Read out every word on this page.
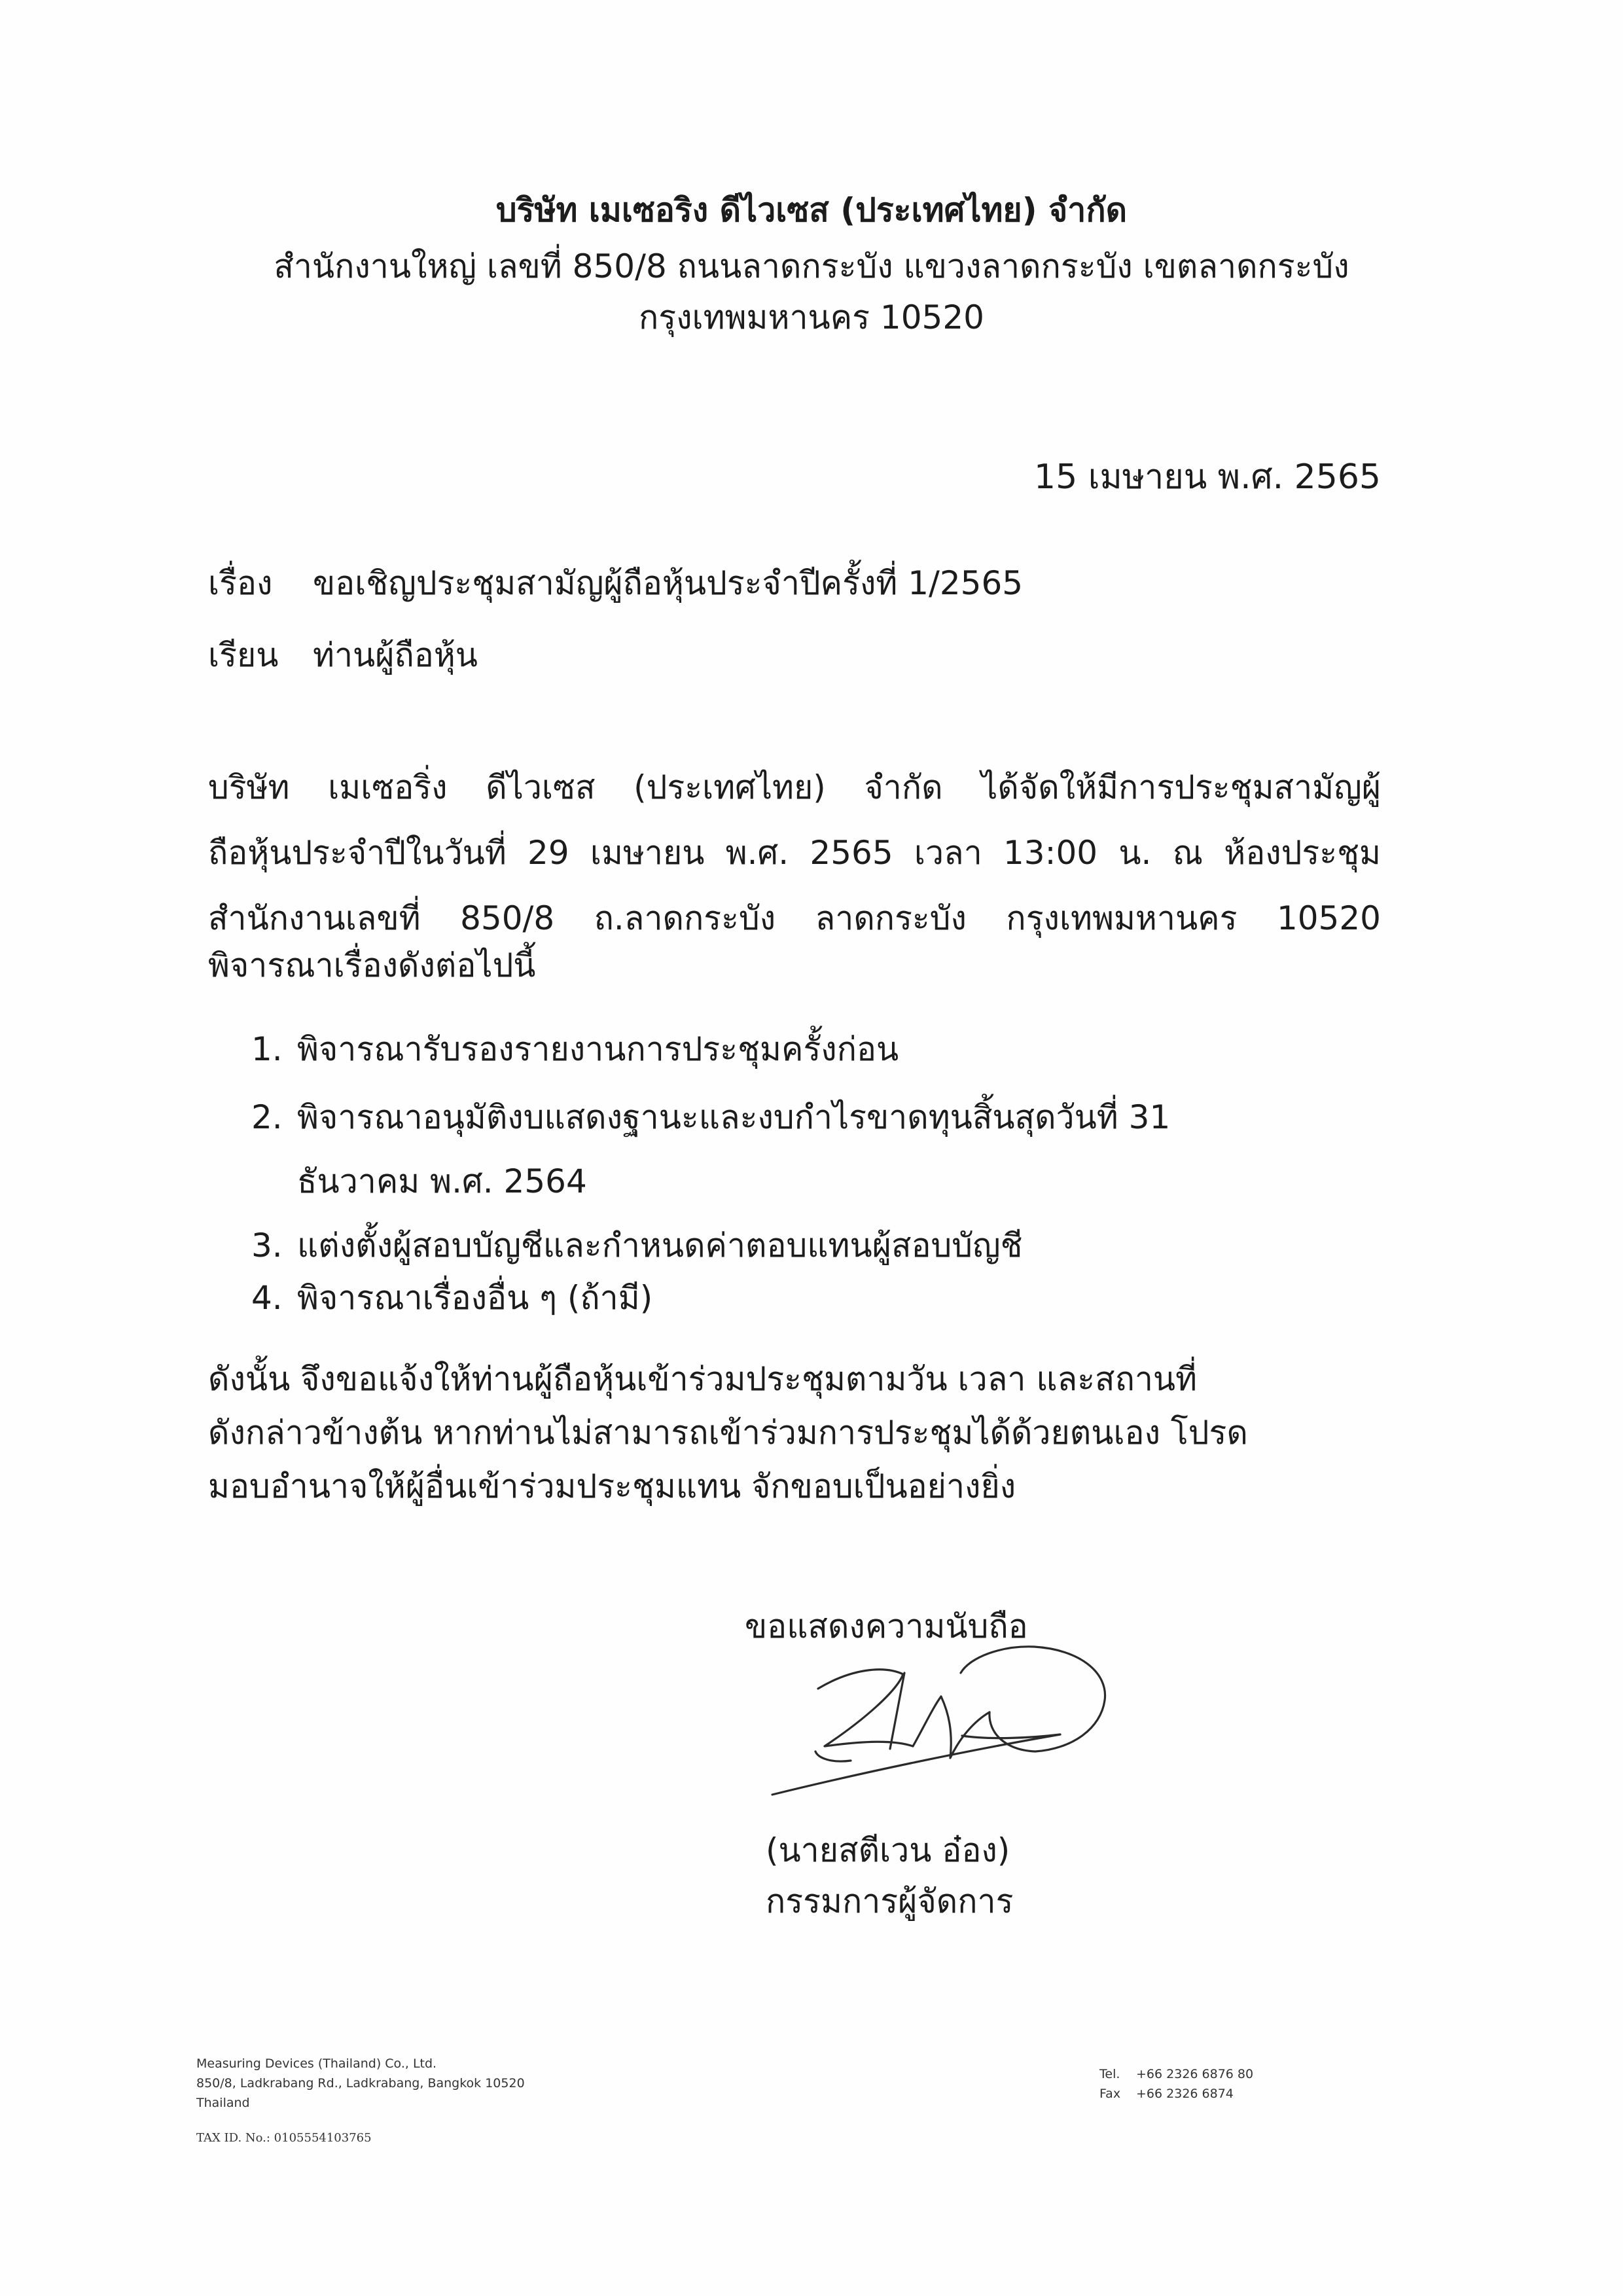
บริษัท เมเซอริง ดีไวเซส (ประเทศไทย) จำกัด
สำนักงานใหญ่ เลขที่ 850/8 ถนนลาดกระบัง แขวงลาดกระบัง เขตลาดกระบัง
กรุงเทพมหานคร 10520
15 เมษายน พ.ศ. 2565
เรื่อง ขอเชิญประชุมสามัญผู้ถือหุ้นประจำปีครั้งที่ 1/2565
เรียน ท่านผู้ถือหุ้น
บริษัท เมเซอริ่ง ดีไวเซส (ประเทศไทย) จำกัด ได้จัดให้มีการประชุมสามัญผู้
ถือหุ้นประจำปีในวันที่ 29 เมษายน พ.ศ. 2565 เวลา 13:00 น. ณ ห้องประชุม
สำนักงานเลขที่ 850/8 ถ.ลาดกระบัง ลาดกระบัง กรุงเทพมหานคร 10520
พิจารณาเรื่องดังต่อไปนี้
1. พิจารณารับรองรายงานการประชุมครั้งก่อน
2. พิจารณาอนุมัติงบแสดงฐานะและงบกำไรขาดทุนสิ้นสุดวันที่ 31
ธันวาคม พ.ศ. 2564
3. แต่งตั้งผู้สอบบัญชีและกำหนดค่าตอบแทนผู้สอบบัญชี
4. พิจารณาเรื่องอื่น ๆ (ถ้ามี)
ดังนั้น จึงขอแจ้งให้ท่านผู้ถือหุ้นเข้าร่วมประชุมตามวัน เวลา และสถานที่
ดังกล่าวข้างต้น หากท่านไม่สามารถเข้าร่วมการประชุมได้ด้วยตนเอง โปรด
มอบอำนาจให้ผู้อื่นเข้าร่วมประชุมแทน จักขอบเป็นอย่างยิ่ง
ขอแสดงความนับถือ
(นายสตีเวน อ๋อง)
กรรมการผู้จัดการ
Measuring Devices (Thailand) Co., Ltd.
850/8, Ladkrabang Rd., Ladkrabang, Bangkok 10520
Thailand
TAX ID. No.: 0105554103765
Tel. +66 2326 6876 80
Fax +66 2326 6874
